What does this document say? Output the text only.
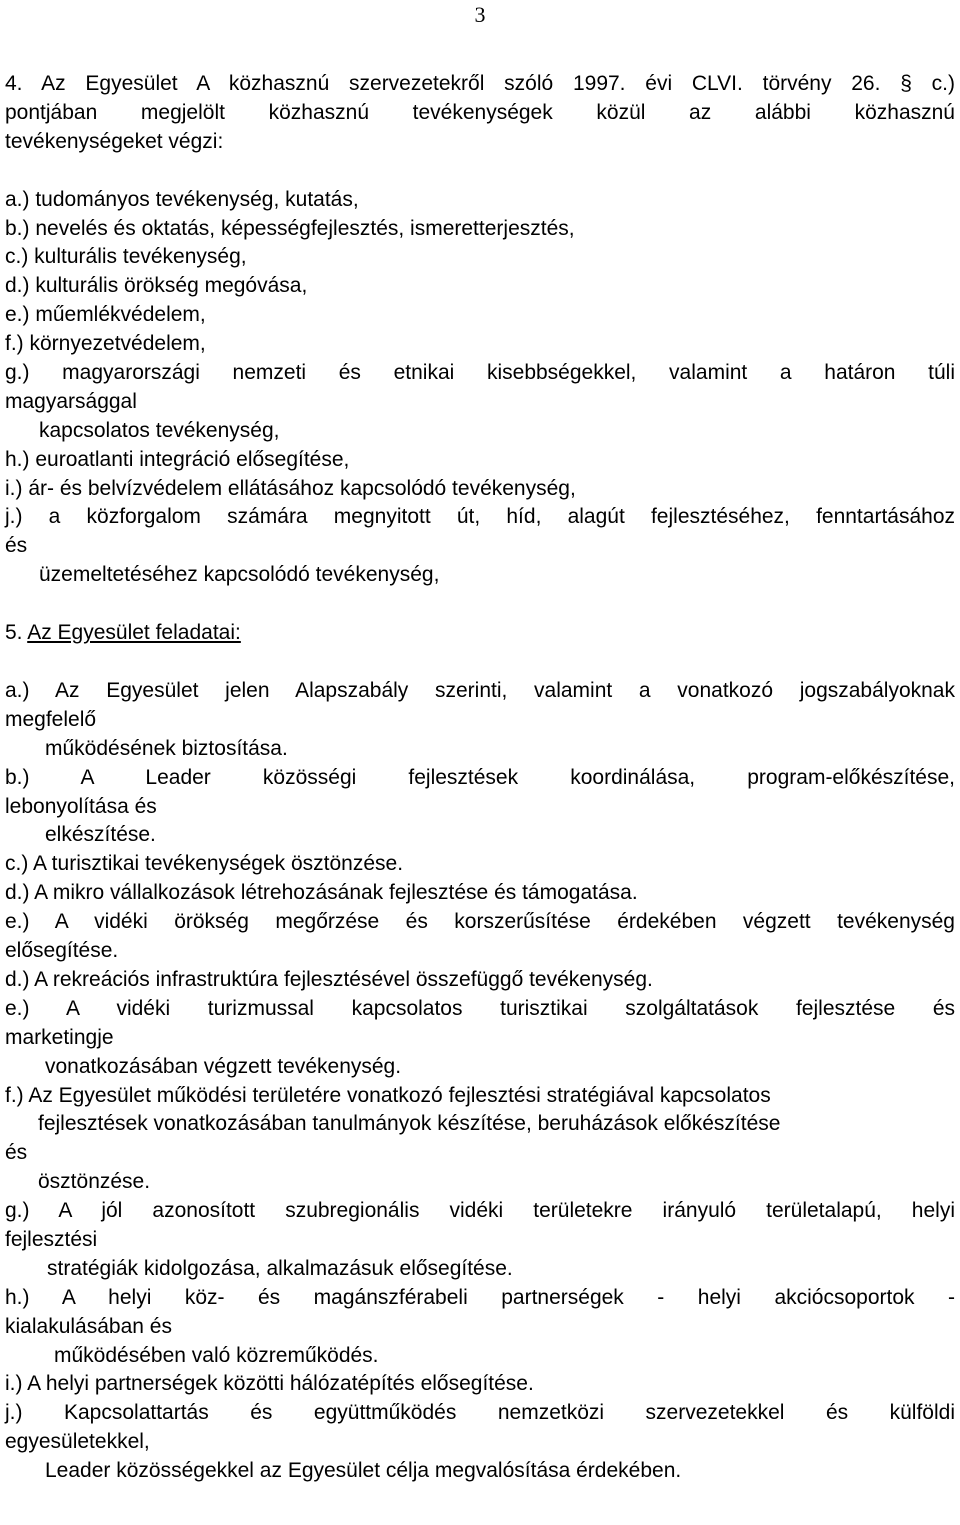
3
4. Az Egyesület A közhasznú szervezetekről szóló 1997. évi CLVI. törvény 26. § c.)
pontjában megjelölt közhasznú tevékenységek közül az alábbi közhasznú
tevékenységeket végzi:
a.) tudományos tevékenység, kutatás,
b.) nevelés és oktatás, képességfejlesztés, ismeretterjesztés,
c.) kulturális tevékenység,
d.) kulturális örökség megóvása,
e.) műemlékvédelem,
f.) környezetvédelem,
g.) magyarországi nemzeti és etnikai kisebbségekkel, valamint a határon túli
magyarsággal
kapcsolatos tevékenység,
h.) euroatlanti integráció elősegítése,
i.) ár- és belvízvédelem ellátásához kapcsolódó tevékenység,
j.) a közforgalom számára megnyitott út, híd, alagút fejlesztéséhez, fenntartásához
és
üzemeltetéséhez kapcsolódó tevékenység,
5. Az Egyesület feladatai:
a.) Az Egyesület jelen Alapszabály szerinti, valamint a vonatkozó jogszabályoknak
megfelelő
működésének biztosítása.
b.) A Leader közösségi fejlesztések koordinálása, program-előkészítése,
lebonyolítása és
elkészítése.
c.) A turisztikai tevékenységek ösztönzése.
d.) A mikro vállalkozások létrehozásának fejlesztése és támogatása.
e.) A vidéki örökség megőrzése és korszerűsítése érdekében végzett tevékenység
elősegítése.
d.) A rekreációs infrastruktúra fejlesztésével összefüggő tevékenység.
e.) A vidéki turizmussal kapcsolatos turisztikai szolgáltatások fejlesztése és
marketingje
vonatkozásában végzett tevékenység.
f.) Az Egyesület működési területére vonatkozó fejlesztési stratégiával kapcsolatos
fejlesztések vonatkozásában tanulmányok készítése, beruházások előkészítése
és
ösztönzése.
g.) A jól azonosított szubregionális vidéki területekre irányuló területalapú, helyi
fejlesztési
stratégiák kidolgozása, alkalmazásuk elősegítése.
h.) A helyi köz- és magánszférabeli partnerségek - helyi akciócsoportok -
kialakulásában és
működésében való közreműködés.
i.) A helyi partnerségek közötti hálózatépítés elősegítése.
j.) Kapcsolattartás és együttműködés nemzetközi szervezetekkel és külföldi
egyesületekkel,
Leader közösségekkel az Egyesület célja megvalósítása érdekében.
